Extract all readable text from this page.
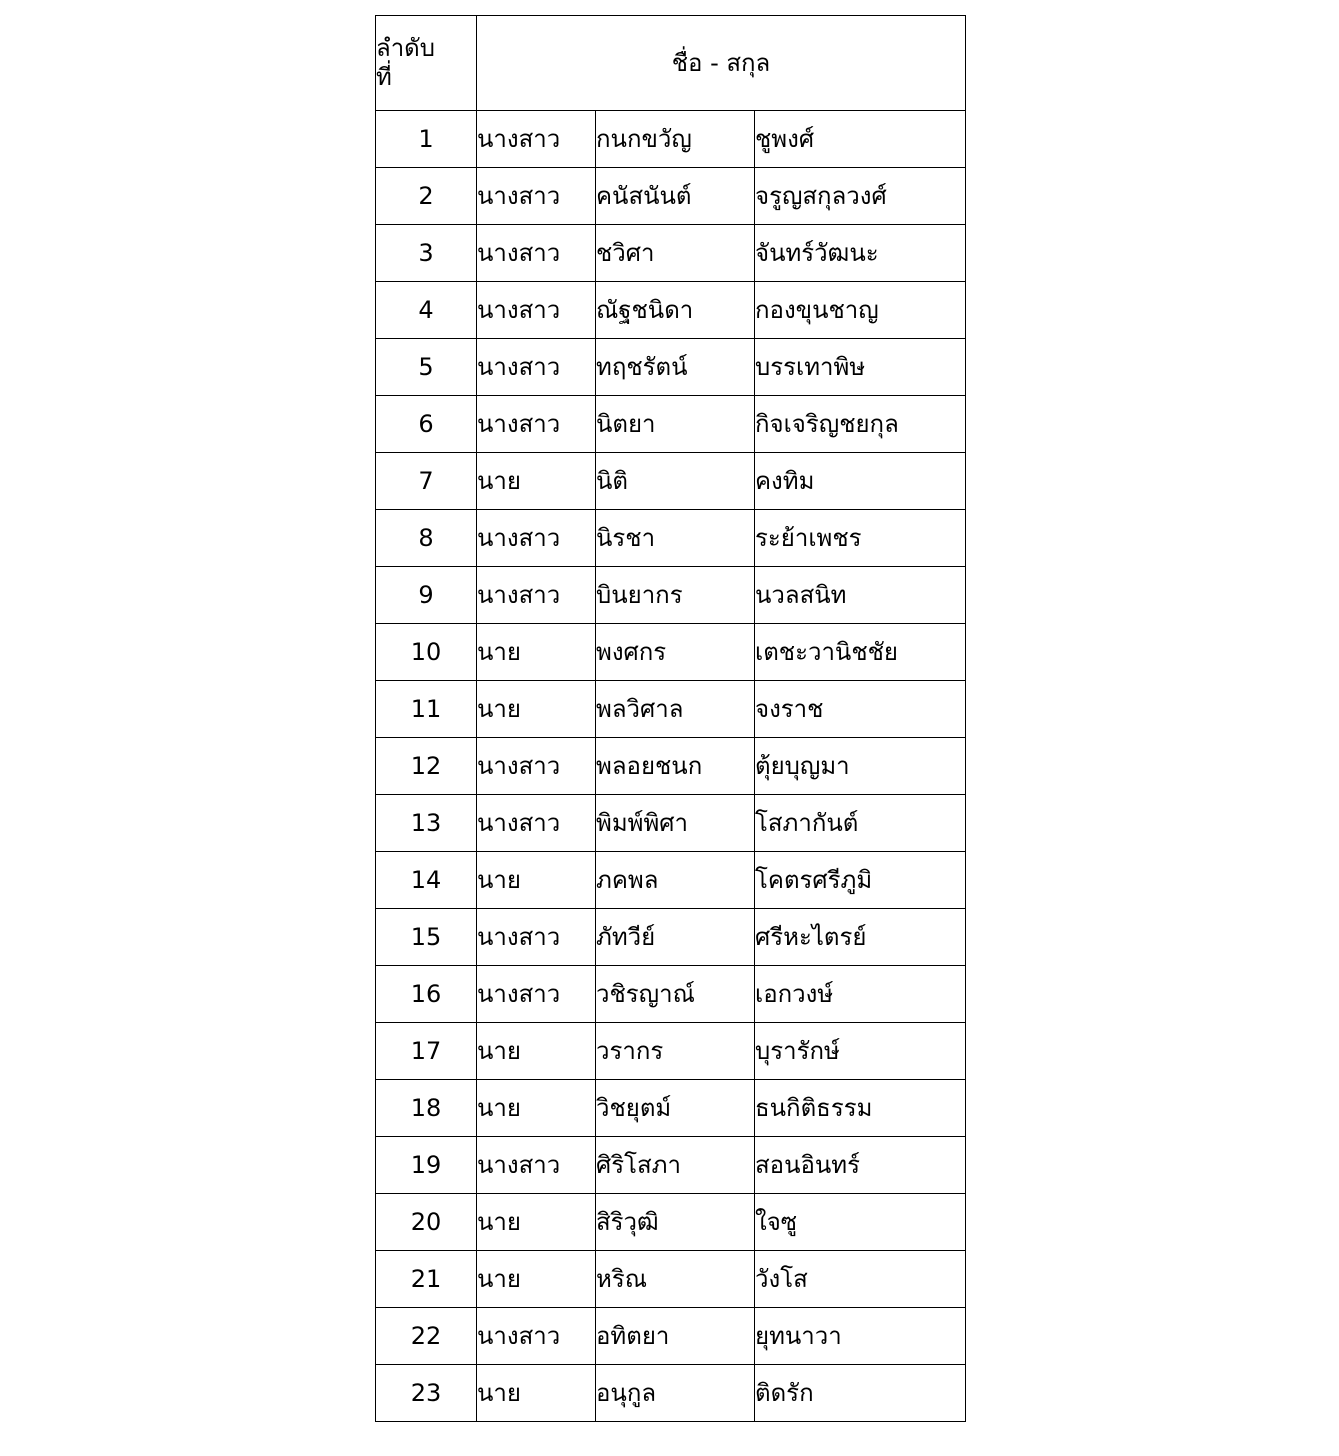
ลำดับ
ที่	ชื่อ - สกุล		
1	นางสาว	กนกขวัญ	ชูพงศ์
2	นางสาว	คนัสนันต์	จรูญสกุลวงศ์
3	นางสาว	ชวิศา	จันทร์วัฒนะ
4	นางสาว	ณัฐชนิดา	กองขุนชาญ
5	นางสาว	ทฤชรัตน์	บรรเทาพิษ
6	นางสาว	นิตยา	กิจเจริญชยกุล
7	นาย	นิติ	คงทิม
8	นางสาว	นิรชา	ระย้าเพชร
9	นางสาว	บินยากร	นวลสนิท
10	นาย	พงศกร	เตชะวานิชชัย
11	นาย	พลวิศาล	จงราช
12	นางสาว	พลอยชนก	ตุ้ยบุญมา
13	นางสาว	พิมพ์พิศา	โสภากันต์
14	นาย	ภคพล	โคตรศรีภูมิ
15	นางสาว	ภัทวีย์	ศรีหะไตรย์
16	นางสาว	วชิรญาณ์	เอกวงษ์
17	นาย	วรากร	บุรารักษ์
18	นาย	วิชยุตม์	ธนกิติธรรม
19	นางสาว	ศิริโสภา	สอนอินทร์
20	นาย	สิริวุฒิ	ใจซู
21	นาย	หริณ	วังโส
22	นางสาว	อทิตยา	ยุทนาวา
23	นาย	อนุกูล	ติดรัก
